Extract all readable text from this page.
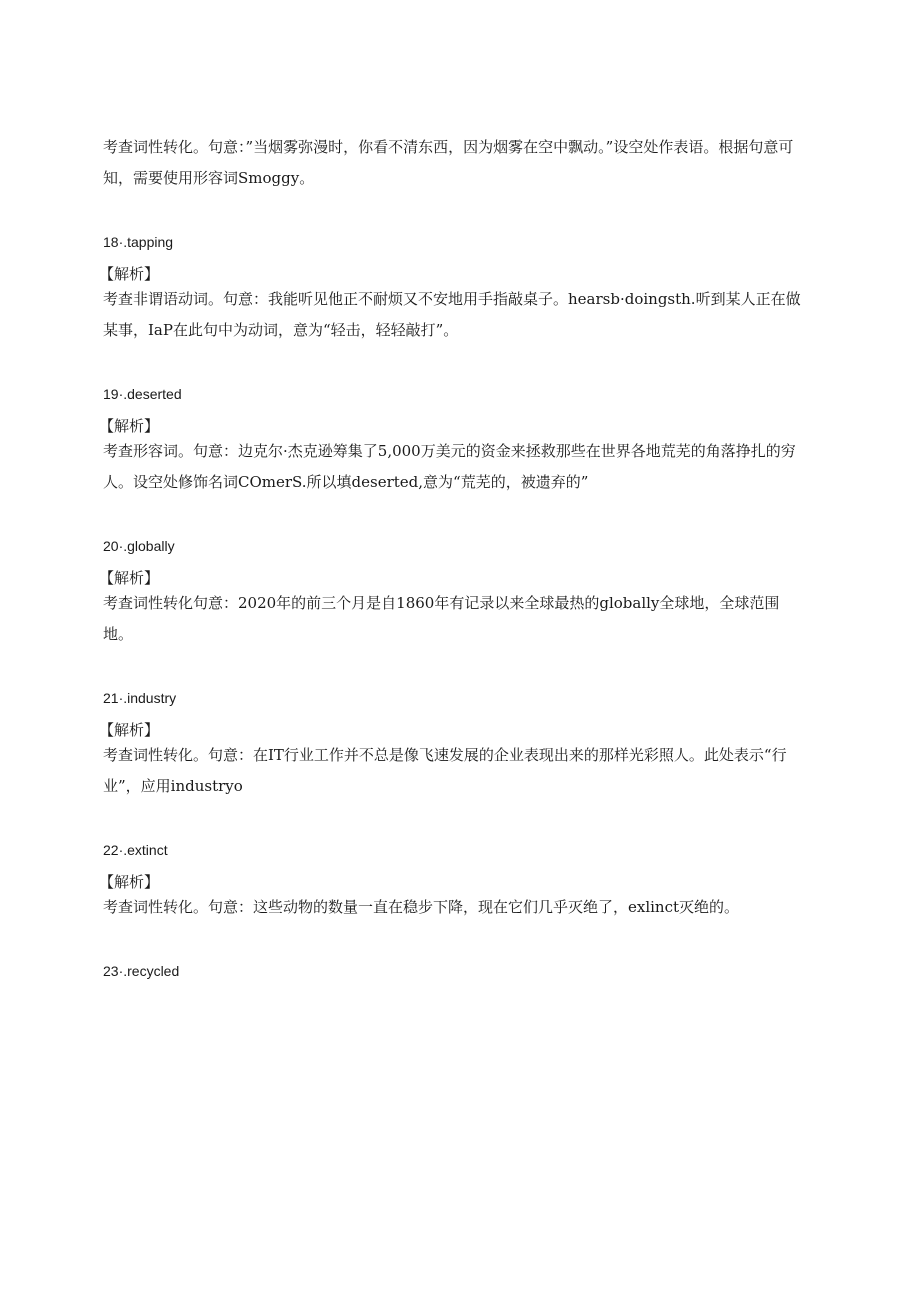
考查词性转化。句意：”当烟雾弥漫时，你看不清东西，因为烟雾在空中飘动。”设空处作表语。根据句意可知，需要使用形容词Smoggy。

18·.tapping

【解析】

考查非谓语动词。句意：我能听见他正不耐烦又不安地用手指敲桌子。hearsb·doingsth.听到某人正在做某事，IaP在此句中为动词，意为“轻击，轻轻敲打”。

19·.deserted

【解析】

考查形容词。句意：边克尔·杰克逊筹集了5,000万美元的资金来拯救那些在世界各地荒芜的角落挣扎的穷人。设空处修饰名词COmerS.所以填deserted,意为“荒芜的，被遗弃的”

20·.globally

【解析】

考查词性转化句意：2020年的前三个月是自1860年有记录以来全球最热的globally全球地，全球范围地。

21·.industry

【解析】

考查词性转化。句意：在IT行业工作并不总是像飞速发展的企业表现出来的那样光彩照人。此处表示“行业”，应用industryo

22·.extinct

【解析】

考查词性转化。句意：这些动物的数量一直在稳步下降，现在它们几乎灭绝了，exlinct灭绝的。

23·.recycled
